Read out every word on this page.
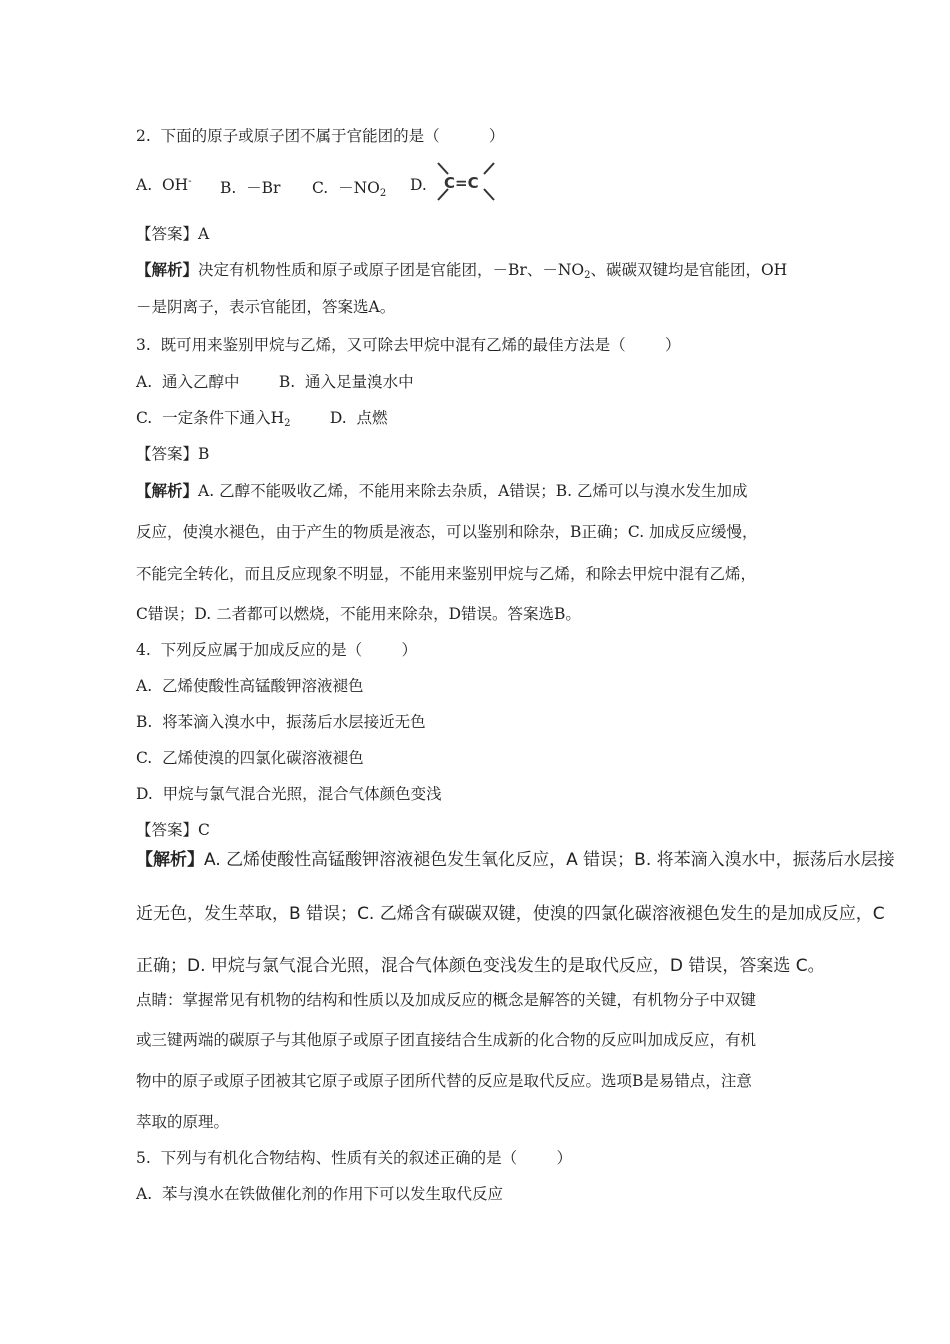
2.  下面的原子或原子团不属于官能团的是（          ）
A.  OH- B.  －Br C.  $-NO_2$ D. C=C
【答案】A
【解析】决定有机物性质和原子或原子团是官能团，－Br、$-NO_2$、碳碳双键均是官能团，OH
－是阴离子，表示官能团，答案选A。
3.  既可用来鉴别甲烷与乙烯，又可除去甲烷中混有乙烯的最佳方法是（        ）
A.  通入乙醇中        B.  通入足量溴水中
C.  一定条件下通入$H_2$	D.  点燃
【答案】B
【解析】A. 乙醇不能吸收乙烯，不能用来除去杂质，A错误；B. 乙烯可以与溴水发生加成
反应，使溴水褪色，由于产生的物质是液态，可以鉴别和除杂，B正确；C. 加成反应缓慢，
不能完全转化，而且反应现象不明显，不能用来鉴别甲烷与乙烯，和除去甲烷中混有乙烯，
C错误；D. 二者都可以燃烧，不能用来除杂，D错误。答案选B。
4.  下列反应属于加成反应的是（        ）
A.  乙烯使酸性高锰酸钾溶液褪色
B.  将苯滴入溴水中，振荡后水层接近无色
C.  乙烯使溴的四氯化碳溶液褪色
D.  甲烷与氯气混合光照，混合气体颜色变浅
【答案】C
【解析】A. 乙烯使酸性高锰酸钾溶液褪色发生氧化反应，A 错误；B. 将苯滴入溴水中，振荡后水层接
近无色，发生萃取，B 错误；C. 乙烯含有碳碳双键，使溴的四氯化碳溶液褪色发生的是加成反应，C
正确；D. 甲烷与氯气混合光照，混合气体颜色变浅发生的是取代反应，D 错误，答案选 C。
点睛：掌握常见有机物的结构和性质以及加成反应的概念是解答的关键，有机物分子中双键
或三键两端的碳原子与其他原子或原子团直接结合生成新的化合物的反应叫加成反应，有机
物中的原子或原子团被其它原子或原子团所代替的反应是取代反应。选项B是易错点，注意
萃取的原理。
5.  下列与有机化合物结构、性质有关的叙述正确的是（        ）
A.  苯与溴水在铁做催化剂的作用下可以发生取代反应
